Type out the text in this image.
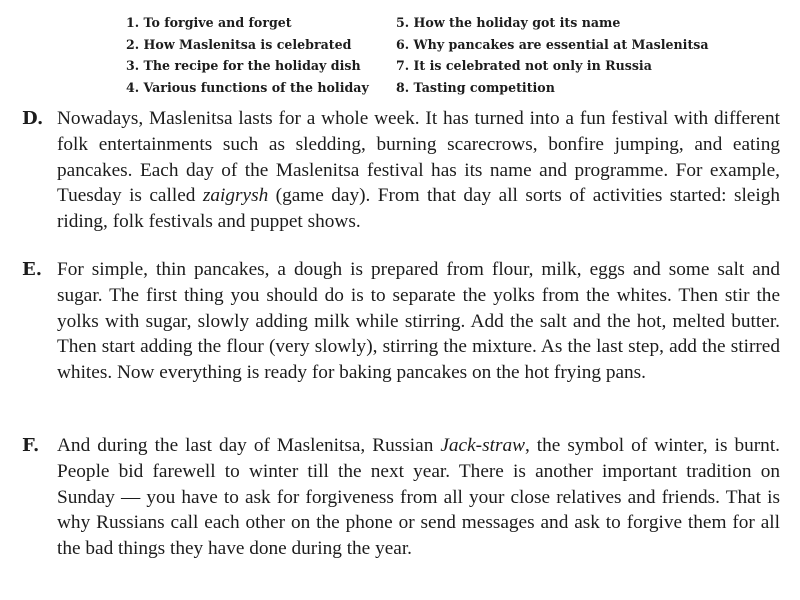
1. To forgive and forget	5. How the holiday got its name
2. How Maslenitsa is celebrated	6. Why pancakes are essential at Maslenitsa
3. The recipe for the holiday dish	7. It is celebrated not only in Russia
4. Various functions of the holiday	8. Tasting competition
D. Nowadays, Maslenitsa lasts for a whole week. It has turned into a fun festival with different folk entertainments such as sledding, burning scarecrows, bonfire jumping, and eating pancakes. Each day of the Maslenitsa festival has its name and programme. For example, Tuesday is called zaigrysh (game day). From that day all sorts of activities started: sleigh riding, folk festivals and puppet shows.
E. For simple, thin pancakes, a dough is prepared from flour, milk, eggs and some salt and sugar. The first thing you should do is to separate the yolks from the whites. Then stir the yolks with sugar, slowly adding milk while stirring. Add the salt and the hot, melted butter. Then start adding the flour (very slowly), stirring the mixture. As the last step, add the stirred whites. Now everything is ready for baking pancakes on the hot frying pans.
F. And during the last day of Maslenitsa, Russian Jack-straw, the symbol of winter, is burnt. People bid farewell to winter till the next year. There is another important tradition on Sunday — you have to ask for forgiveness from all your close relatives and friends. That is why Russians call each other on the phone or send messages and ask to forgive them for all the bad things they have done during the year.
